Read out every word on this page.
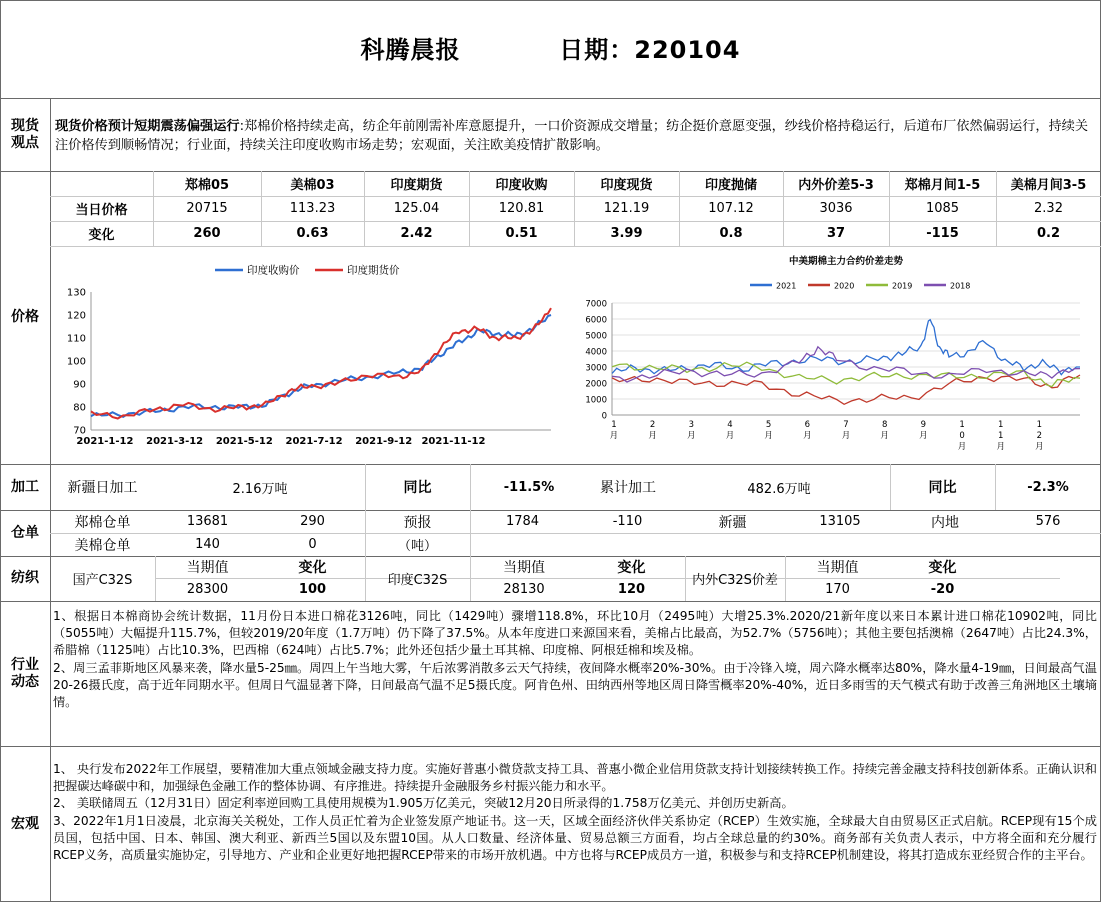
科腾晨报	日期：220104
现货
观点
现货价格预计短期震荡偏强运行:郑棉价格持续走高，纺企年前刚需补库意愿提升，一口价资源成交增量；纺企挺价意愿变强，纱线价格持稳运行，后道布厂依然偏弱运行，持续关注价格传到顺畅情况；行业面，持续关注印度收购市场走势；宏观面，关注欧美疫情扩散影响。
价格
郑棉05	美棉03	印度期货	印度收购	印度现货	印度抛储	内外价差5-3	郑棉月间1-5	美棉月间3-5
当日价格	20715	113.23	125.04	120.81	121.19	107.12	3036	1085	2.32
变化	260	0.63	2.42	0.51	3.99	0.8	37	-115	0.2
印度收购价	印度期货价
70
80
90
100
110
120
130
2021-1-12 2021-3-12 2021-5-12 2021-7-12 2021-9-12 2021-11-12
中美期棉主力合约价差走势
2021	2020	2019	2018
0
1000
2000
3000
4000
5000
6000
7000
1 月
2 月
3 月
4 月
5 月
6 月
7 月
8 月
9 月
1 0 月
1 1 月
1 2 月
加工	新疆日加工	2.16万吨	同比	-11.5%	累计加工	482.6万吨	同比	-2.3%
仓单
郑棉仓单	13681	290	预报	1784	-110	新疆	13105	内地	576
美棉仓单	140	0	（吨）
纺织	国产C32S
当期值	变化
28300	100
印度C32S
当期值	变化
28130	120
内外C32S价差
当期值	变化
170	-20
行业
动态
1、根据日本棉商协会统计数据，11月份日本进口棉花3126吨，同比（1429吨）骤增118.8%，环比10月（2495吨）大增25.3%.2020/21新年度以来日本累计进口棉花10902吨，同比（5055吨）大幅提升115.7%，但较2019/20年度（1.7万吨）仍下降了37.5%。从本年度进口来源国来看，美棉占比最高，为52.7%（5756吨）；其他主要包括澳棉（2647吨）占比24.3%，希腊棉（1125吨）占比10.3%，巴西棉（624吨）占比5.7%；此外还包括少量土耳其棉、印度棉、阿根廷棉和埃及棉。
2、周三孟菲斯地区风暴来袭，降水量5-25㎜。周四上午当地大雾，午后浓雾消散多云天气持续，夜间降水概率20%-30%。由于冷锋入境，周六降水概率达80%，降水量4-19㎜，日间最高气温20-26摄氏度，高于近年同期水平。但周日气温显著下降，日间最高气温不足5摄氏度。阿肯色州、田纳西州等地区周日降雪概率20%-40%，近日多雨雪的天气模式有助于改善三角洲地区土壤墒情。
宏观
1、 央行发布2022年工作展望，要精准加大重点领域金融支持力度。实施好普惠小微贷款支持工具、普惠小微企业信用贷款支持计划接续转换工作。持续完善金融支持科技创新体系。正确认识和把握碳达峰碳中和，加强绿色金融工作的整体协调、有序推进。持续提升金融服务乡村振兴能力和水平。
2、 美联储周五（12月31日）固定利率逆回购工具使用规模为1.905万亿美元，突破12月20日所录得的1.758万亿美元、并创历史新高。
3、2022年1月1日凌晨，北京海关关税处，工作人员正忙着为企业签发原产地证书。这一天，区域全面经济伙伴关系协定（RCEP）生效实施，全球最大自由贸易区正式启航。RCEP现有15个成员国，包括中国、日本、韩国、澳大利亚、新西兰5国以及东盟10国。从人口数量、经济体量、贸易总额三方面看，均占全球总量的约30%。商务部有关负责人表示，中方将全面和充分履行RCEP义务，高质量实施协定，引导地方、产业和企业更好地把握RCEP带来的市场开放机遇。中方也将与RCEP成员方一道，积极参与和支持RCEP机制建设，将其打造成东亚经贸合作的主平台。
